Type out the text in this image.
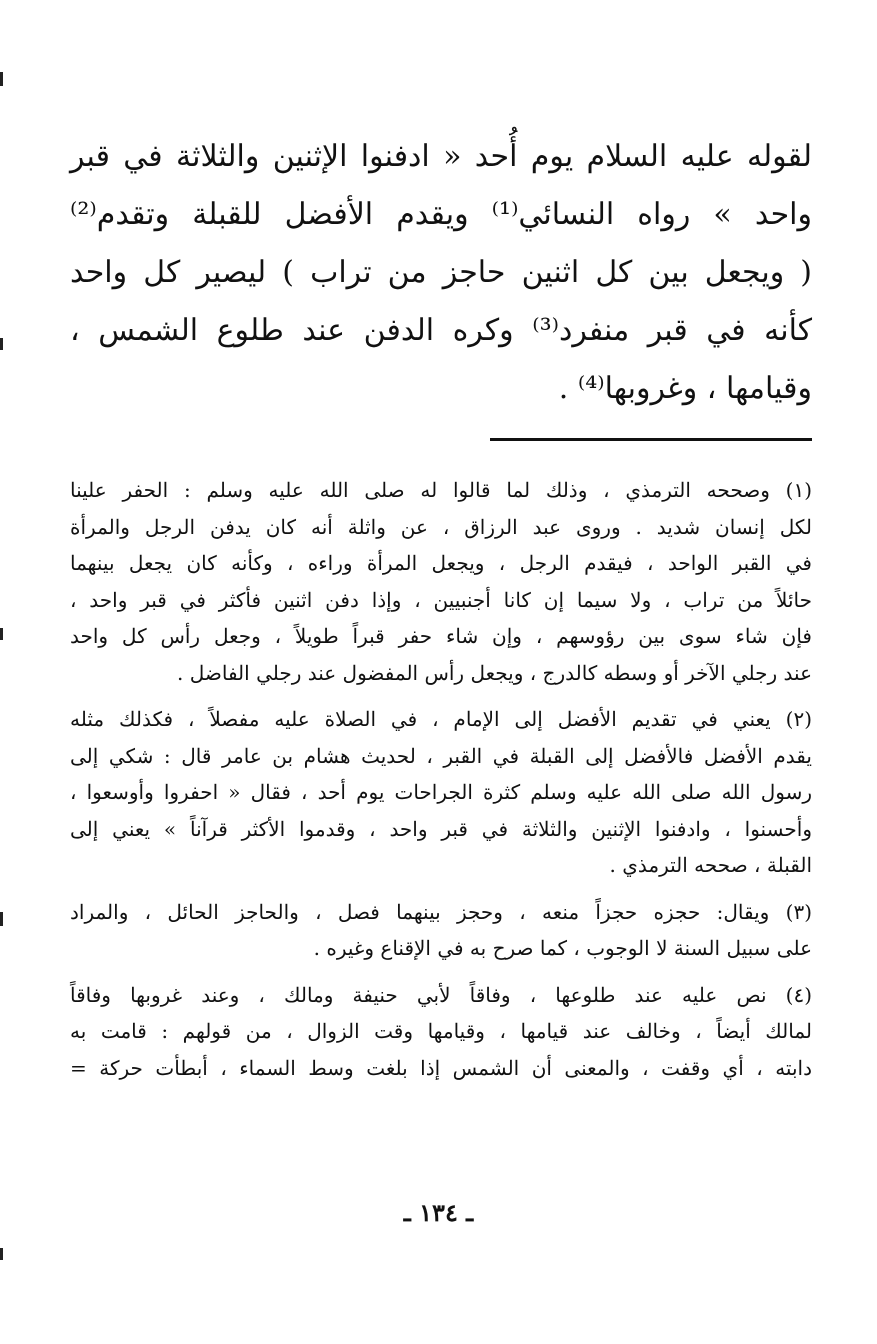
لقوله عليه السلام يوم أُحد « ادفنوا الإثنين والثلاثة في قبر
واحد » رواه النسائي⁽¹⁾ ويقدم الأفضل للقبلة وتقدم⁽²⁾
( ويجعل بين كل اثنين حاجز من تراب ) ليصير كل واحد
كأنه في قبر منفرد⁽³⁾ وكره الدفن عند طلوع الشمس ،
وقيامها ، وغروبها⁽⁴⁾ .
(١) وصححه الترمذي ، وذلك لما قالوا له صلى الله عليه وسلم : الحفر علينا
لكل إنسان شديد . وروى عبد الرزاق ، عن واثلة أنه كان يدفن الرجل والمرأة
في القبر الواحد ، فيقدم الرجل ، ويجعل المرأة وراءه ، وكأنه كان يجعل بينهما
حائلاً من تراب ، ولا سيما إن كانا أجنبيين ، وإذا دفن اثنين فأكثر في قبر واحد ،
فإن شاء سوى بين رؤوسهم ، وإن شاء حفر قبراً طويلاً ، وجعل رأس كل واحد
عند رجلي الآخر أو وسطه كالدرج ، ويجعل رأس المفضول عند رجلي الفاضل .
(٢) يعني في تقديم الأفضل إلى الإمام ، في الصلاة عليه مفصلاً ، فكذلك مثله
يقدم الأفضل فالأفضل إلى القبلة في القبر ، لحديث هشام بن عامر قال : شكي إلى
رسول الله صلى الله عليه وسلم كثرة الجراحات يوم أحد ، فقال « احفروا وأوسعوا ،
وأحسنوا ، وادفنوا الإثنين والثلاثة في قبر واحد ، وقدموا الأكثر قرآناً » يعني إلى
القبلة ، صححه الترمذي .
(٣) ويقال: حجزه حجزاً منعه ، وحجز بينهما فصل ، والحاجز الحائل ، والمراد
على سبيل السنة لا الوجوب ، كما صرح به في الإقناع وغيره .
(٤) نص عليه عند طلوعها ، وفاقاً لأبي حنيفة ومالك ، وعند غروبها وفاقاً
لمالك أيضاً ، وخالف عند قيامها ، وقيامها وقت الزوال ، من قولهم : قامت به
دابته ، أي وقفت ، والمعنى أن الشمس إذا بلغت وسط السماء ، أبطأت حركة =
ـ ١٣٤ ـ
